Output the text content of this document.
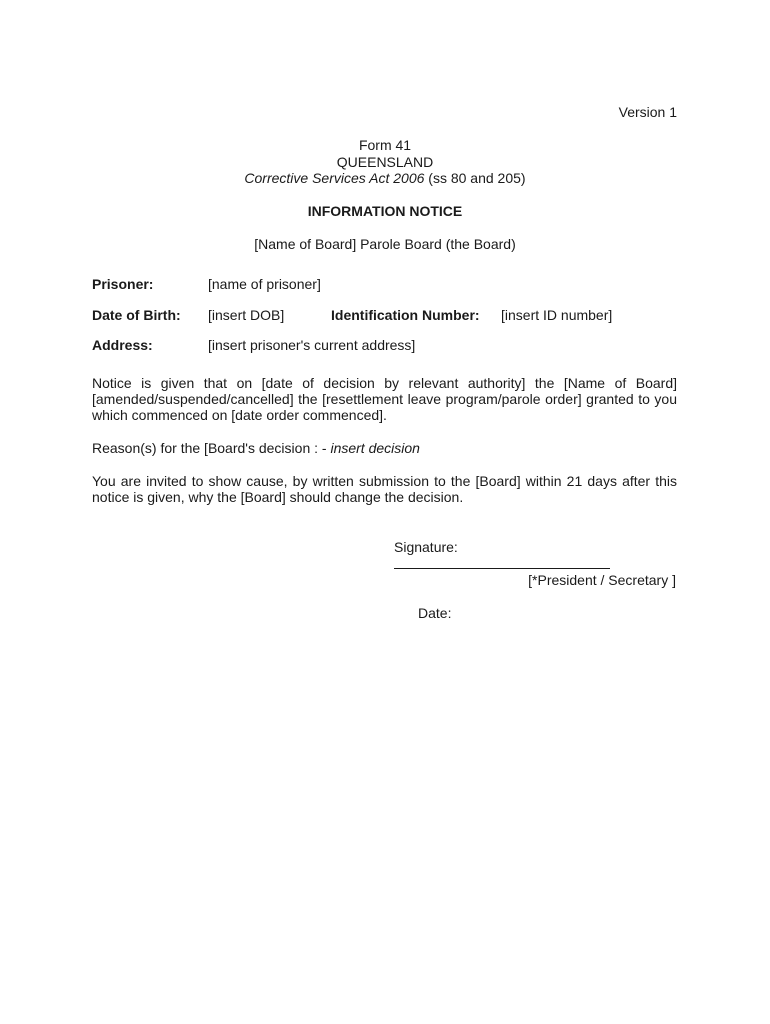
Version 1
Form 41
QUEENSLAND
Corrective Services Act 2006 (ss 80 and 205)
INFORMATION NOTICE
[Name of Board] Parole Board (the Board)
Prisoner:	[name of prisoner]
Date of Birth: [insert DOB]	Identification Number: [insert ID number]
Address:	[insert prisoner's current address]
Notice is given that on [date of decision by relevant authority] the [Name of Board] [amended/suspended/cancelled] the [resettlement leave program/parole order] granted to you which commenced on [date order commenced].
Reason(s) for the [Board's decision : - insert decision
You are invited to show cause, by written submission to the [Board] within 21 days after this notice is given, why the [Board] should change the decision.
Signature:
[*President / Secretary ]
Date:
